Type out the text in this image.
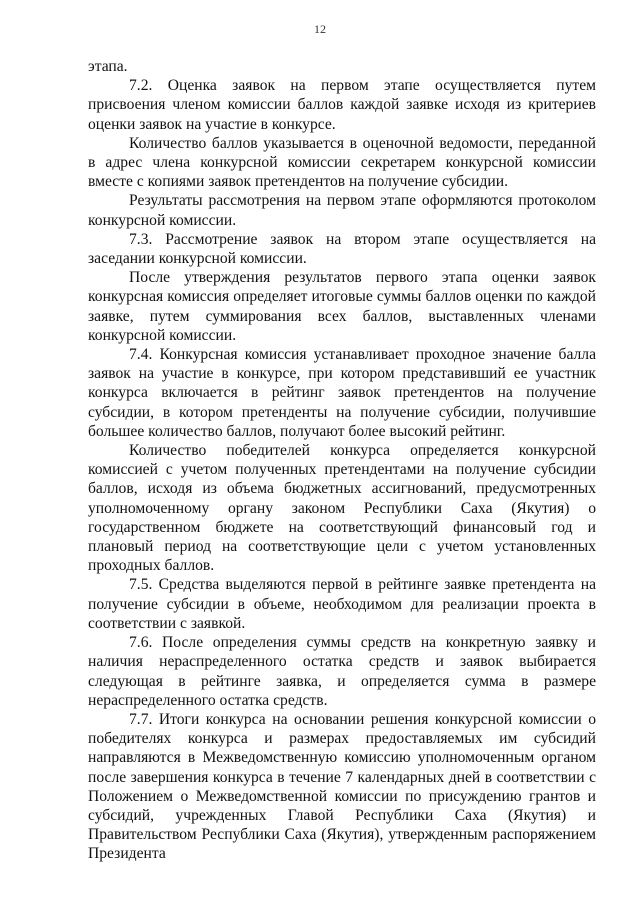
12

этапа.

7.2. Оценка заявок на первом этапе осуществляется путем присвоения членом комиссии баллов каждой заявке исходя из критериев оценки заявок на участие в конкурсе.

Количество баллов указывается в оценочной ведомости, переданной в адрес члена конкурсной комиссии секретарем конкурсной комиссии вместе с копиями заявок претендентов на получение субсидии.

Результаты рассмотрения на первом этапе оформляются протоколом конкурсной комиссии.

7.3. Рассмотрение заявок на втором этапе осуществляется на заседании конкурсной комиссии.

После утверждения результатов первого этапа оценки заявок конкурсная комиссия определяет итоговые суммы баллов оценки по каждой заявке, путем суммирования всех баллов, выставленных членами конкурсной комиссии.

7.4. Конкурсная комиссия устанавливает проходное значение балла заявок на участие в конкурсе, при котором представивший ее участник конкурса включается в рейтинг заявок претендентов на получение субсидии, в котором претенденты на получение субсидии, получившие большее количество баллов, получают более высокий рейтинг.

Количество победителей конкурса определяется конкурсной комиссией с учетом полученных претендентами на получение субсидии баллов, исходя из объема бюджетных ассигнований, предусмотренных уполномоченному органу законом Республики Саха (Якутия) о государственном бюджете на соответствующий финансовый год и плановый период на соответствующие цели с учетом установленных проходных баллов.

7.5. Средства выделяются первой в рейтинге заявке претендента на получение субсидии в объеме, необходимом для реализации проекта в соответствии с заявкой.

7.6. После определения суммы средств на конкретную заявку и наличия нераспределенного остатка средств и заявок выбирается следующая в рейтинге заявка, и определяется сумма в размере нераспределенного остатка средств.

7.7. Итоги конкурса на основании решения конкурсной комиссии о победителях конкурса и размерах предоставляемых им субсидий направляются в Межведомственную комиссию уполномоченным органом после завершения конкурса в течение 7 календарных дней в соответствии с Положением о Межведомственной комиссии по присуждению грантов и субсидий, учрежденных Главой Республики Саха (Якутия) и Правительством Республики Саха (Якутия), утвержденным распоряжением Президента
